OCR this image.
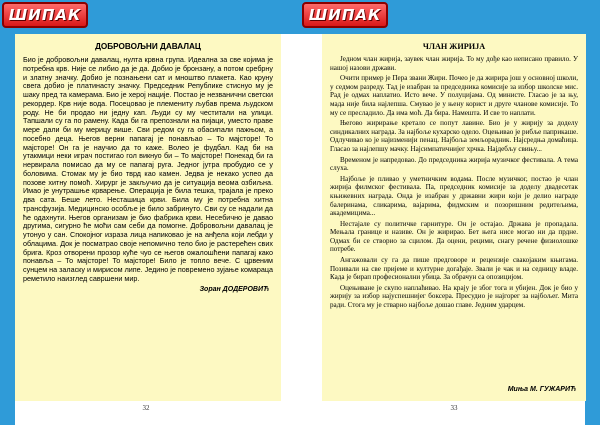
ШИПАК
ДОБРОВОЉНИ ДАВАЛАЦ

Био је добровољни давалац, нулта крвна група. Идеална за све којима је потребна крв. Није се либио да је да. Добио је бронзану, а потом сребрну и златну значку. Добио је познањени сат и мноштво плакета. Као круну свега добио је платинасту значку. Председник Републике стиснуо му је шаку пред та камерама. Био је херој нације. Постао је незванични светски рекордер. Крв није вода. Посецовао је племениту љубав према људском роду. Не би продао ни једну кап. Људи су му честитали на улици. Тапшали су га по рамену. Када би га препознали на пијаци, уместо праве мере дали би му мерицу више. Сви редом су га обасипали пажњом, а посебно деца. Његов верни папагај је понављао – То мајсторе! То мајсторе! Он га је научио да то каже. Волео је фудбал. Кад би на утакмици неки играч постигао гол викнуо би – То мајсторе! Понекад би га нервирала помисао да му се папагај руга. Једног јутра пробудио се у боловима. Стомак му је био тврд као камен. Једва је некако успео да позове хитну помоћ. Хирург је закључио да је ситуација веома озбиљна. Имао је унутрашње крварење. Операција је била тешка, трајала је преко два сата. Беше лето. Несташица крви. Била му је потребна хитна трансфузија. Медицинско особље је било забринуто. Сви су се надали да ће одахнути. Његов организам је био фабрика крви. Несебично је давао другима, сигурно ће моћи сам себи да помогне. Добровољни давалац је утонуо у сан. Спокојног израза лица напиковао је на анђела који лебди у облацима. Док је посматрао своје непомично тело био је растерећен свих брига. Кроз отворени прозор куће чуо се његов ожалошћени папагај како понавља – То мајсторе! То мајсторе! Било је топло вече. С црвеним сунцем на заласку и мирисом липе. Једино је повремено зујање комараца реметило наизглед савршени мир.

Зоран ДОДЕРОВИЋ
32
ШИПАК
ЧЛАН ЖИРИЈА

Једном члан жирија, заувек члан жирија. То му дође као неписано правило. У нашој назови држави.

Очити пример је Пера звани Жири. Почео је да жирира још у основној школи, у седмом разреду. Тад је изабран за председника комисије за избор школске мис. Рад је одмах наплатио. Исто вече. У полуцијама. Од министе. Гласао је за њу, мада није била најлепша. Смувао је у њену корист и друге чланове комисије. То му се пресладило. Да има моћ. Да бира. Намешта. И све то наплати.

Његово жирирање кретало се попут лавине. Био је у жирију за доделу синдикалних награда. За најбоље кухарско одело. Оцењивао је рибље паприкаше. Одлучивао ко је најизменији пенац. Најбоља земљорадник. Најсредња домаћица. Гласао за најлепшу мачку. Најсимпатичнијег хрчка. Најдебљу свињу...

Временом је напредовао. До председника жирија музичког фестивала. А тема слуха.

Најбоље је пливао у уметничким водама. После музичког, постао је члан жирија филмског фестивала. Па, председник комисије за доделу двадесетак књижевних награда. Онда је изабран у државни жири који је делио награде балеринама, сликарима, вајарима, фидмским и позоришним редитељима, академицима...

Нестајале су политичке гарнитуре. Он је остајао. Држава је пропадала. Мењала границе и називе. Он је жирирао. Бет њега нисе могао ни да прдне. Одмах би се створио за сцилом. Да оцени, рецими, снагу речене физиолошке потребе.

Ангажовали су га да пише предговоре и рецензије свакојаким књигама. Позивали на све пријеме и културне догађаје. Звали је чак и на седницу владе. Када је бирап професионални убица. За обрачун са опозицијом.

Оцењиване је скупо наплаћивао. На крају је због тога и убијен. Док је био у жирију за избор најуспешнијег боксера. Пресудио је најгорег за најбољег. Мита ради. Стога му је стварно најбоље дошао главе. Једним ударцем.

Миња М. ГУЖАРИЋ
33
